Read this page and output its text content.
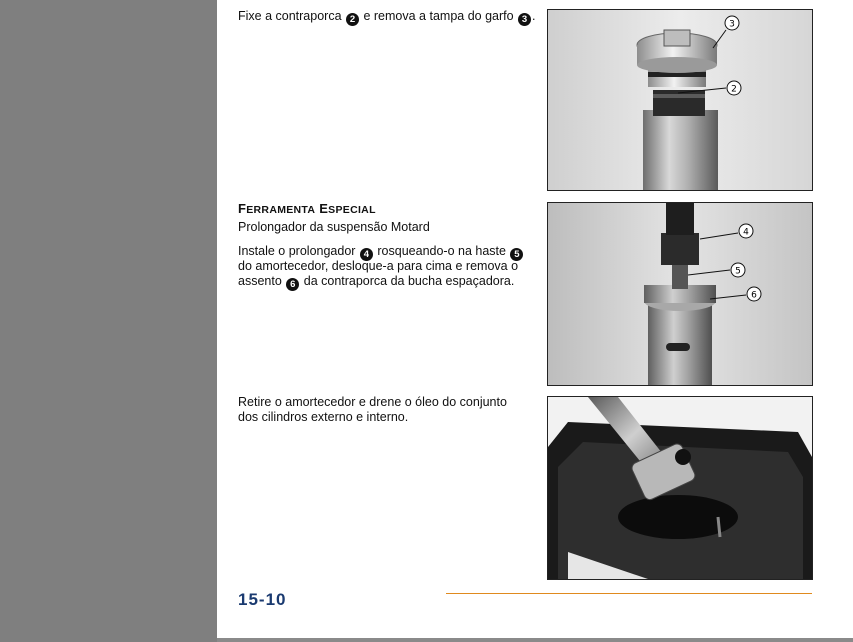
Fixe a contraporca 2 e remova a tampa do garfo 3 .
FERRAMENTA ESPECIAL
Prolongador da suspensão Motard
Instale o prolongador 4 rosqueando-o na haste 5
do amortecedor, desloque-a para cima e remova o
assento 6 da contraporca da bucha espaçadora.
Retire o amortecedor e drene o óleo do conjunto
dos cilindros externo e interno.
3
2
4
5
6
15-10
